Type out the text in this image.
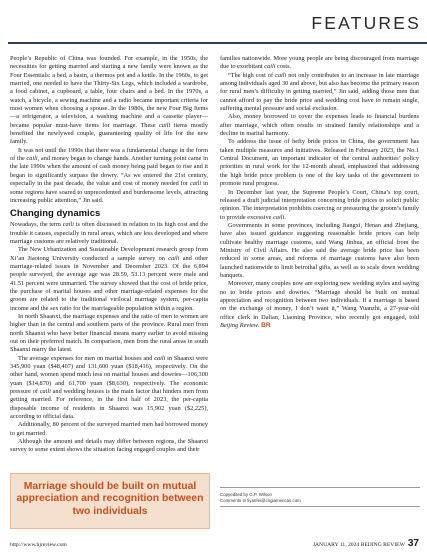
FEATURES

People’s Republic of China was founded. For example, in the 1950s, the necessities for getting married and starting a new family were known as the Four Essentials: a bed, a basin, a thermos pot and a kettle. In the 1960s, to get married, one needed to have the Thirty-Six Legs, which included a wardrobe, a food cabinet, a cupboard, a table, four chairs and a bed. In the 1970s, a watch, a bicycle, a sewing machine and a radio became important criteria for most women when choosing a spouse. In the 1980s, the new Four Big Items—a refrigerator, a television, a washing machine and a cassette player—became popular must-have items for marriage. These caili items mostly benefited the newlywed couple, guaranteeing quality of life for the new family.

It was not until the 1990s that there was a fundamental change in the form of the caili, and money began to change hands. Another turning point came in the late 1990s when the amount of cash money being paid began to rise and it began to significantly surpass the dowry. “As we entered the 21st century, especially in the past decade, the value and cost of money needed for caili in some regions have soared to unprecedented and burdensome levels, attracting increasing public attention,” Jin said.

Changing dynamics

Nowadays, the term caili is often discussed in relation to its high cost and the trouble it causes, especially in rural areas, which are less developed and where marriage customs are relatively traditional.

The New Urbanization and Sustainable Development research group from Xi’an Jiaotong University conducted a sample survey on caili and other marriage-related issues in November and December 2023. Of the 6,894 people surveyed, the average age was 28.59, 53.13 percent were male and 41.51 percent were unmarried. The survey showed that the cost of bride price, the purchase of marital houses and other marriage-related expenses for the groom are related to the traditional virilocal marriage system, per-capita income and the sex ratio for the marriageable population within a region.

In north Shaanxi, the marriage expenses and the ratio of men to women are higher than in the central and southern parts of the province. Rural men from north Shaanxi who have better financial means marry earlier to avoid missing out on their preferred match. In comparison, men from the rural areas in south Shaanxi marry the latest.

The average expenses for men on marital houses and caili in Shaanxi were 345,900 yuan ($48,407) and 131,600 yuan ($18,416), respectively. On the other hand, women spend much less on marital houses and dowries—106,300 yuan ($14,870) and 61,700 yuan ($8,630), respectively. The economic pressure of caili and wedding houses is the main factor that hinders men from getting married. For reference, in the first half of 2023, the per-capita disposable income of residents in Shaanxi was 15,902 yuan ($2,225), according to official data.

Additionally, 80 percent of the surveyed married men had borrowed money to get married.

Although the amount and details may differ between regions, the Shaanxi survey to some extent shows the situation facing engaged couples and their

families nationwide. More young people are being discouraged from marriage due to exorbitant caili costs.

“The high cost of caili not only contributes to an increase in late marriage among individuals aged 30 and above, but also has become the primary reason for rural men’s difficulty in getting married,” Jin said, adding those men that cannot afford to pay the bride price and wedding cost have to remain single, suffering mental pressure and social exclusion.

Also, money borrowed to cover the expenses leads to financial burdens after marriage, which often results in strained family relationships and a decline in marital harmony.

To address the issue of hefty bride prices in China, the government has taken multiple measures and initiatives. Released in February 2023, the No.1 Central Document, an important indicator of the central authorities’ policy priorities in rural work for the 12-month ahead, emphasized that addressing the high bride price problem is one of the key tasks of the government to promote rural progress.

In December last year, the Supreme People’s Court, China’s top court, released a draft judicial interpretation concerning bride prices to solicit public opinion. The interpretation prohibits coercing or pressuring the groom’s family to provide excessive caili.

Governments in some provinces, including Jiangxi, Henan and Zhejiang, have also issued guidance suggesting reasonable bride prices can help cultivate healthy marriage customs, said Wang Jinhua, an official from the Ministry of Civil Affairs. He also said the average bride price has been reduced in some areas, and reforms of marriage customs have also been launched nationwide to limit betrothal gifts, as well as to scale down wedding banquets.

Moreover, many couples now are exploring new wedding styles and saying no to bride prices and dowries. “Marriage should be built on mutual appreciation and recognition between two individuals. If a marriage is based on the exchange of money, I don’t want it,” Wang Yuanzhi, a 27-year-old office clerk in Dalian, Liaoning Province, who recently got engaged, told Beijing Review. BR

Marriage should be built on mutual appreciation and recognition between two individuals
Copyedited by G.P. Wilson
Comments to liyanfei@cngiamericas.com
http://www.bjreview.com	JANUARY 11, 2024 BEIJING REVIEW 37
